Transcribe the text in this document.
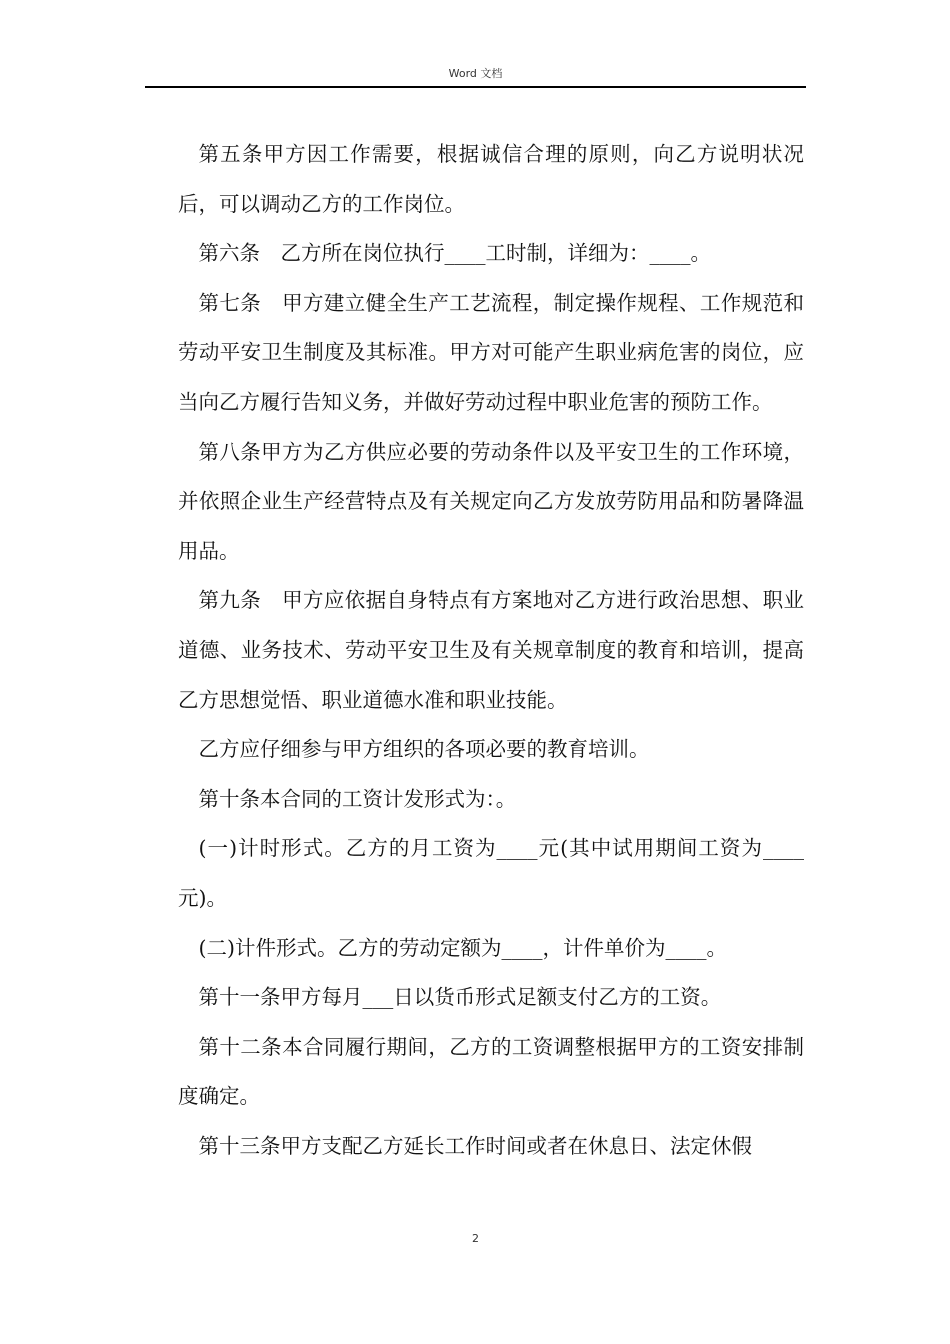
Word 文档

第五条甲方因工作需要，根据诚信合理的原则，向乙方说明状况后，可以调动乙方的工作岗位。

第六条　乙方所在岗位执行____工时制，详细为：____。

第七条　甲方建立健全生产工艺流程，制定操作规程、工作规范和劳动平安卫生制度及其标准。甲方对可能产生职业病危害的岗位，应当向乙方履行告知义务，并做好劳动过程中职业危害的预防工作。

第八条甲方为乙方供应必要的劳动条件以及平安卫生的工作环境，并依照企业生产经营特点及有关规定向乙方发放劳防用品和防暑降温用品。

第九条　甲方应依据自身特点有方案地对乙方进行政治思想、职业道德、业务技术、劳动平安卫生及有关规章制度的教育和培训，提高乙方思想觉悟、职业道德水准和职业技能。

乙方应仔细参与甲方组织的各项必要的教育培训。

第十条本合同的工资计发形式为：。

(一)计时形式。乙方的月工资为____元(其中试用期间工资为____元)。

(二)计件形式。乙方的劳动定额为____，计件单价为____。

第十一条甲方每月___日以货币形式足额支付乙方的工资。

第十二条本合同履行期间，乙方的工资调整根据甲方的工资安排制度确定。

第十三条甲方支配乙方延长工作时间或者在休息日、法定休假

2
